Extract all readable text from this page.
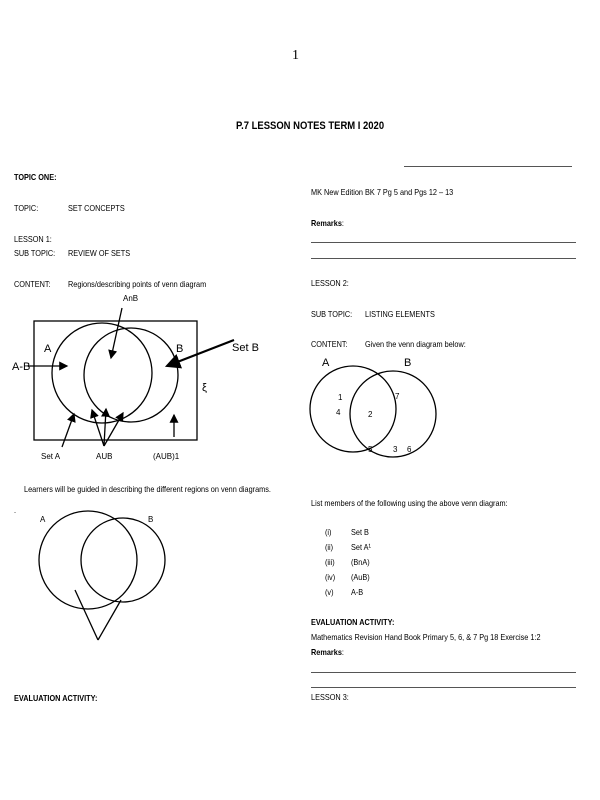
1
P.7 LESSON NOTES TERM I 2020
TOPIC ONE:
TOPIC:	SET CONCEPTS
LESSON 1:
SUB TOPIC: REVIEW OF SETS
CONTENT: Regions/describing points of venn diagram
AnB
A	B	Set B
A-B
ξ
Set A	AUB	(AUB)1
A	B
A	B
1
4	2
7
5	3 6
Learners will be guided in describing the different regions on venn diagrams.
.
EVALUATION ACTIVITY:
MK New Edition BK 7 Pg 5 and Pgs 12 – 13
Remarks:
LESSON 2:
SUB TOPIC: LISTING ELEMENTS
CONTENT: Given the venn diagram below:
List members of the following using the above venn diagram:
(i) Set B
(ii) Set A¹
(iii) (BnA)
(iv) (AuB)
(v) A-B
EVALUATION ACTIVITY:
Mathematics Revision Hand Book Primary 5, 6, & 7 Pg 18 Exercise 1:2
Remarks:
LESSON 3:
